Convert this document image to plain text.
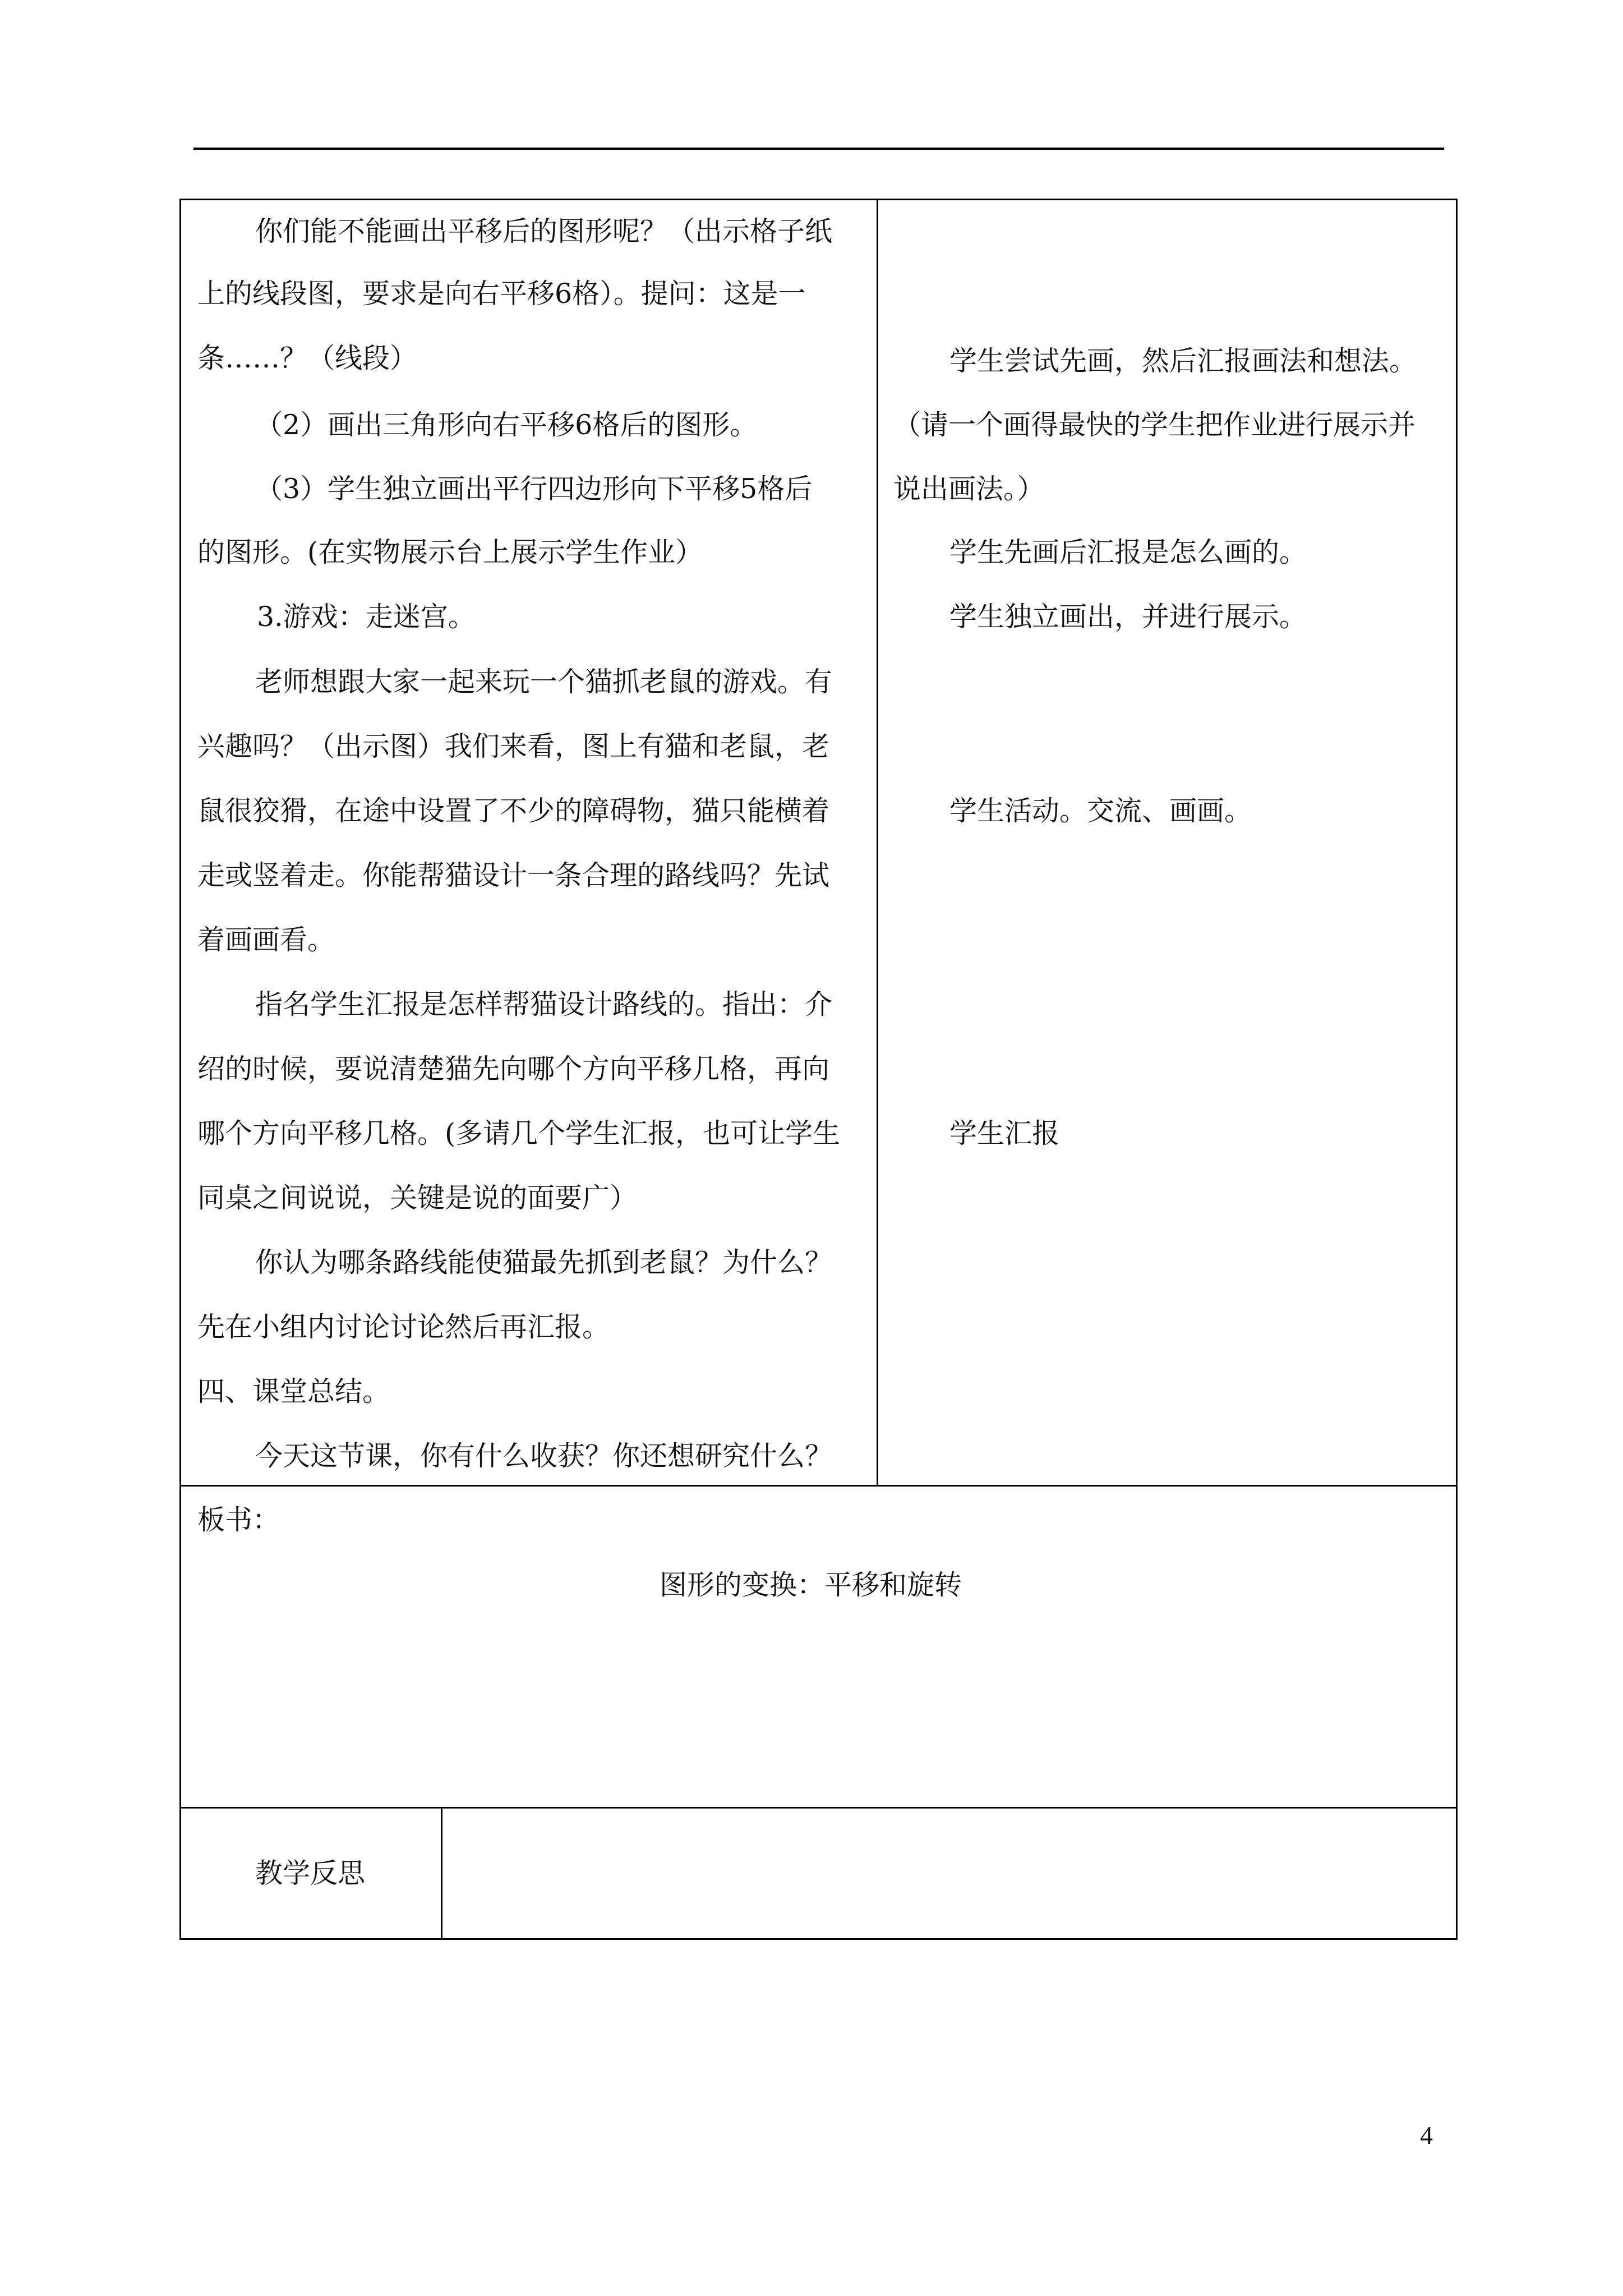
你们能不能画出平移后的图形呢？（出示格子纸
上的线段图，要求是向右平移6格）。提问：这是一
条……？（线段）
（2）画出三角形向右平移6格后的图形。
（3）学生独立画出平行四边形向下平移5格后
的图形。(在实物展示台上展示学生作业）
3.游戏：走迷宫。
老师想跟大家一起来玩一个猫抓老鼠的游戏。有
兴趣吗？（出示图）我们来看，图上有猫和老鼠，老
鼠很狡猾，在途中设置了不少的障碍物，猫只能横着
走或竖着走。你能帮猫设计一条合理的路线吗？先试
着画画看。
指名学生汇报是怎样帮猫设计路线的。指出：介
绍的时候，要说清楚猫先向哪个方向平移几格，再向
哪个方向平移几格。(多请几个学生汇报，也可让学生
同桌之间说说，关键是说的面要广）
你认为哪条路线能使猫最先抓到老鼠？为什么？
先在小组内讨论讨论然后再汇报。
四、课堂总结。
今天这节课，你有什么收获？你还想研究什么？
学生尝试先画，然后汇报画法和想法。
（请一个画得最快的学生把作业进行展示并
说出画法。）
学生先画后汇报是怎么画的。
学生独立画出，并进行展示。
学生活动。交流、画画。
学生汇报
板书：
图形的变换：平移和旋转
教学反思
4
